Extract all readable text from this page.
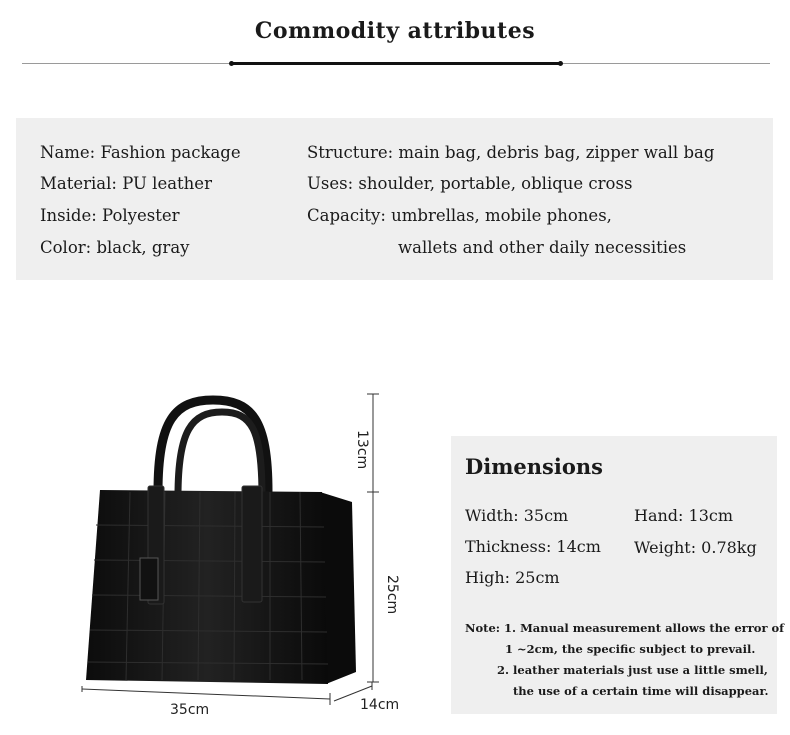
Commodity attributes
Name: Fashion package
Material: PU leather
Inside: Polyester
Color: black, gray
Structure: main bag, debris bag, zipper wall bag
Uses: shoulder, portable, oblique cross
Capacity: umbrellas, mobile phones,
wallets and other daily necessities
13cm
25cm
35cm	14cm
Dimensions
Width: 35cm	Hand: 13cm
Thickness: 14cm Weight: 0.78kg
High: 25cm
Note: 1. Manual measurement allows the error of
1 ~2cm, the specific subject to prevail.
2. leather materials just use a little smell,
the use of a certain time will disappear.
